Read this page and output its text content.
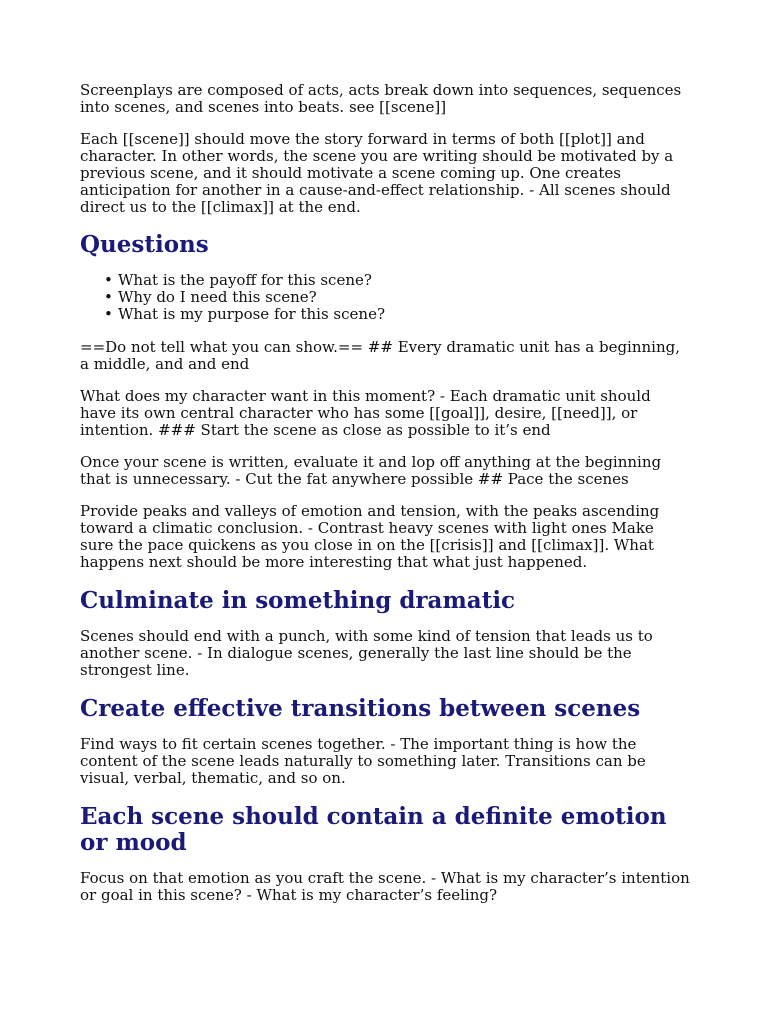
Screenplays are composed of acts, acts break down into sequences, sequences into scenes, and scenes into beats. see [[scene]]

Each [[scene]] should move the story forward in terms of both [[plot]] and character. In other words, the scene you are writing should be motivated by a previous scene, and it should motivate a scene coming up. One creates anticipation for another in a cause-and-effect relationship. - All scenes should direct us to the [[climax]] at the end.

Questions
• What is the payoff for this scene?
• Why do I need this scene?
• What is my purpose for this scene?

==Do not tell what you can show.== ## Every dramatic unit has a beginning, a middle, and and end

What does my character want in this moment? - Each dramatic unit should have its own central character who has some [[goal]], desire, [[need]], or intention. ### Start the scene as close as possible to it’s end

Once your scene is written, evaluate it and lop off anything at the beginning that is unnecessary. - Cut the fat anywhere possible ## Pace the scenes

Provide peaks and valleys of emotion and tension, with the peaks ascending toward a climatic conclusion. - Contrast heavy scenes with light ones Make sure the pace quickens as you close in on the [[crisis]] and [[climax]]. What happens next should be more interesting that what just happened.

Culminate in something dramatic

Scenes should end with a punch, with some kind of tension that leads us to another scene. - In dialogue scenes, generally the last line should be the strongest line.

Create effective transitions between scenes

Find ways to fit certain scenes together. - The important thing is how the content of the scene leads naturally to something later. Transitions can be visual, verbal, thematic, and so on.

Each scene should contain a definite emotion or mood

Focus on that emotion as you craft the scene. - What is my character’s intention or goal in this scene? - What is my character’s feeling?
